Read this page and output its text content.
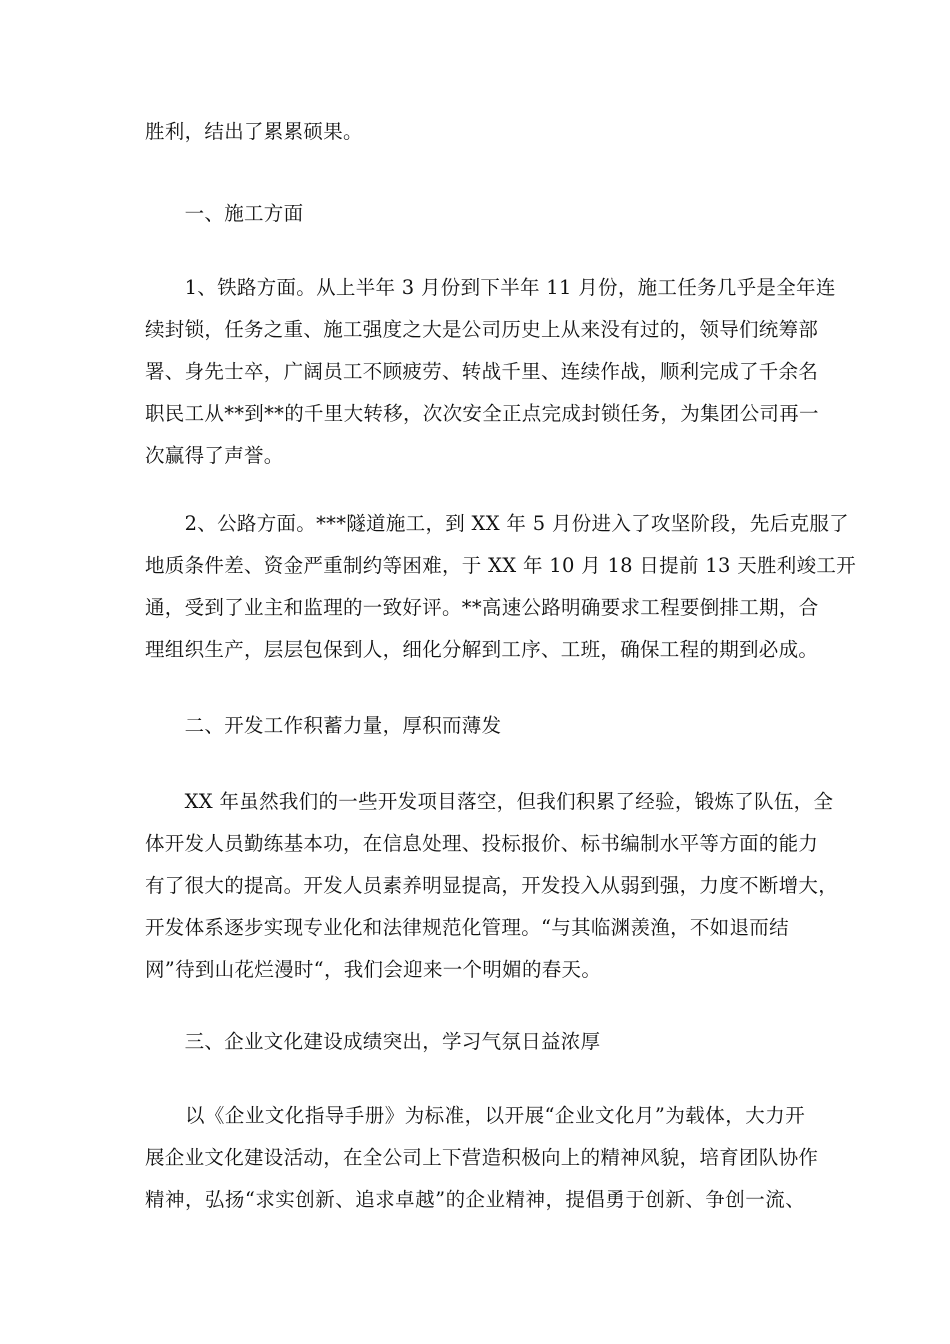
胜利，结出了累累硕果。
　　一、施工方面
　　1、铁路方面。从上半年 3 月份到下半年 11 月份，施工任务几乎是全年连
续封锁，任务之重、施工强度之大是公司历史上从来没有过的，领导们统筹部
署、身先士卒，广阔员工不顾疲劳、转战千里、连续作战，顺利完成了千余名
职民工从**到**的千里大转移，次次安全正点完成封锁任务，为集团公司再一
次赢得了声誉。
　　2、公路方面。***隧道施工，到 XX 年 5 月份进入了攻坚阶段，先后克服了
地质条件差、资金严重制约等困难，于 XX 年 10 月 18 日提前 13 天胜利竣工开
通，受到了业主和监理的一致好评。**高速公路明确要求工程要倒排工期，合
理组织生产，层层包保到人，细化分解到工序、工班，确保工程的期到必成。
　　二、开发工作积蓄力量，厚积而薄发
　　XX 年虽然我们的一些开发项目落空，但我们积累了经验，锻炼了队伍，全
体开发人员勤练基本功，在信息处理、投标报价、标书编制水平等方面的能力
有了很大的提高。开发人员素养明显提高，开发投入从弱到强，力度不断增大，
开发体系逐步实现专业化和法律规范化管理。“与其临渊羡渔，不如退而结
网”待到山花烂漫时“，我们会迎来一个明媚的春天。
　　三、企业文化建设成绩突出，学习气氛日益浓厚
　　以《企业文化指导手册》为标准，以开展“企业文化月”为载体，大力开
展企业文化建设活动，在全公司上下营造积极向上的精神风貌，培育团队协作
精神，弘扬“求实创新、追求卓越”的企业精神，提倡勇于创新、争创一流、
